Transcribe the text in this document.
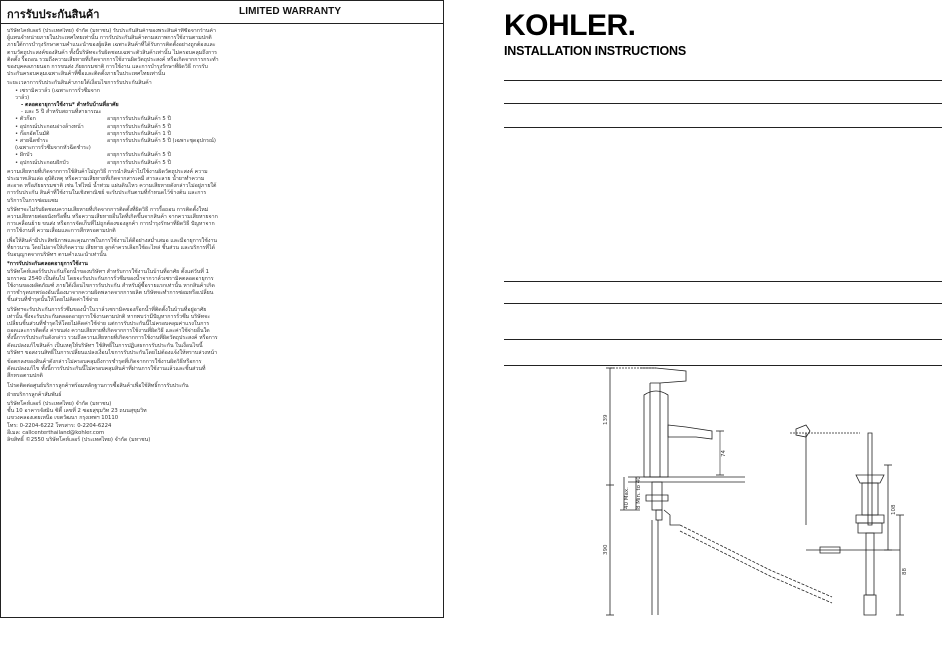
การรับประกันสินค้า	LIMITED WARRANTY

บริษัทโคห์เลอร์ (ประเทศไทย) จำกัด (มหาชน) รับประกันสินค้าของพระสินค้าที่ซื้อจากร้านค้าผู้แทนจำหน่ายภายในประเทศไทยเท่านั้น การรับประกันสินค้าตามสภาพการใช้งานตามปกติ ภายใต้การบำรุงรักษาตามคำแนะนำของผู้ผลิต เฉพาะสินค้าที่ได้รับการติดตั้งอย่างถูกต้องและตามวัตถุประสงค์ของสินค้า ทั้งนี้บริษัทจะรับผิดชอบเฉพาะตัวสินค้าเท่านั้น ไม่ครอบคลุมถึงการติดตั้ง รื้อถอน รวมถึงความเสียหายที่เกิดจากการใช้งานผิดวัตถุประสงค์ หรือเกิดจากการกระทำของบุคคลภายนอก การขนส่ง ภัยธรรมชาติ การใช้งาน และการบำรุงรักษาที่ผิดวิธี การรับประกันครอบคลุมเฉพาะสินค้าที่ซื้อและติดตั้งภายในประเทศไทยเท่านั้น

ระยะเวลาการรับประกันสินค้าภายใต้เงื่อนไขการรับประกันสินค้า

• เซรามิควาล์ว (เฉพาะการรั่วซึมจากวาล์ว)
- ตลอดอายุการใช้งาน* สำหรับบ้านที่อาศัย
- และ 5 ปี สำหรับสถานที่สาธารณะ
• ตัวก๊อก	อายุการรับประกันสินค้า 5 ปี
• อุปกรณ์ประกอบอ่างล้างหน้า	อายุการรับประกันสินค้า 5 ปี
• ก๊อกอัตโนมัติ	อายุการรับประกันสินค้า 1 ปี
• สายฉีดชำระ	อายุการรับประกันสินค้า 5 ปี (เฉพาะชุดอุปกรณ์)
(เฉพาะการรั่วซึมจากหัวฉีดชำระ)
• ฝักบัว	อายุการรับประกันสินค้า 5 ปี
• อุปกรณ์ประกอบฝักบัว	อายุการรับประกันสินค้า 5 ปี

ความเสียหายที่เกิดจากการใช้สินค้าไม่ถูกวิธี การนำสินค้าไปใช้งานผิดวัตถุประสงค์ ความประมาทเลินเล่อ อุบัติเหตุ หรือความเสียหายที่เกิดจากสารเคมี สารละลาย น้ำยาทำความสะอาด หรือภัยธรรมชาติ เช่น ไฟไหม้ น้ำท่วม แผ่นดินไหว ความเสียหายดังกล่าวไม่อยู่ภายใต้การรับประกัน สินค้าที่ใช้งานในเชิงพาณิชย์ จะรับประกันตามที่กำหนดไว้ข้างต้น และการบริการในการซ่อมแซม

บริษัทฯจะไม่รับผิดชอบความเสียหายที่เกิดจากการติดตั้งที่ผิดวิธี การรื้อถอน การติดตั้งใหม่ ความเสียหายต่อผนังหรือพื้น หรือความเสียหายอื่นใดที่เกิดขึ้นจากสินค้า จากความเสียหายจากการเคลื่อนย้าย ขนส่ง หรือการจัดเก็บที่ไม่ถูกต้องของลูกค้า การบำรุงรักษาที่ผิดวิธี ปัญหาจากการใช้งานที่ ความเสื่อมและการสึกหรอตามปกติ

เพื่อให้สินค้ามีประสิทธิภาพและคุณภาพในการใช้งานได้ดีอย่างสม่ำเสมอ และมีอายุการใช้งานที่ยาวนาน โดยไม่อาจให้เกิดความ เสียหาย ลูกค้าควรเลือกใช้อะไหล่ ชิ้นส่วน และบริการที่ได้รับอนุญาตจากบริษัทฯ ตามคำแนะนำเท่านั้น

*การรับประกันตลอดอายุการใช้งาน

บริษัทโคห์เลอร์รับประกันก๊อกน้ำของบริษัทฯ สำหรับการใช้งานในบ้านที่อาศัย ตั้งแต่วันที่ 1 มกราคม 2540 เป็นต้นไป โดยจะรับประกันการรั่วซึมของน้ำจากวาล์วเซรามิคตลอดอายุการใช้งานของผลิตภัณฑ์ ภายใต้เงื่อนไขการรับประกัน สำหรับผู้ซื้อรายแรกเท่านั้น หากสินค้าเกิดการชำรุดบกพร่องอันเนื่องมาจากความผิดพลาดจากการผลิต บริษัทจะทำการซ่อมหรือเปลี่ยนชิ้นส่วนที่ชำรุดนั้นให้โดยไม่คิดค่าใช้จ่าย

บริษัทฯจะรับประกันการรั่วซึมของน้ำในวาล์วเซรามิคของก๊อกน้ำที่ติดตั้งในบ้านที่อยู่อาศัยเท่านั้น ซึ่งจะรับประกันตลอดอายุการใช้งานตามปกติ หากพบว่ามีปัญหาการรั่วซึม บริษัทจะเปลี่ยนชิ้นส่วนที่ชำรุดให้โดยไม่คิดค่าใช้จ่าย แต่การรับประกันนี้ไม่ครอบคลุมค่าแรงในการถอดและการติดตั้ง ค่าขนส่ง ความเสียหายที่เกิดจากการใช้งานที่ผิดวิธี และค่าใช้จ่ายอื่นใด ทั้งนี้การรับประกันดังกล่าว รวมถึงความเสียหายที่เกิดจากการใช้งานที่ผิดวัตถุประสงค์ หรือการดัดแปลงแก้ไขสินค้า เป็นเหตุให้บริษัทฯ ใช้สิทธิ์ในการปฏิเสธการรับประกัน ในเงื่อนไขนี้ บริษัทฯ ขอสงวนสิทธิ์ในการเปลี่ยนแปลงเงื่อนไขการรับประกันโดยไม่ต้องแจ้งให้ทราบล่วงหน้า

ข้อตกลงของสินค้าดังกล่าวไม่ครอบคลุมถึงการชำรุดที่เกิดจากการใช้งานผิดวิธีหรือการดัดแปลงแก้ไข ทั้งนี้การรับประกันนี้ไม่ครอบคลุมสินค้าที่ผ่านการใช้งานแล้วและชิ้นส่วนที่สึกหรอตามปกติ

โปรดติดต่อศูนย์บริการลูกค้าพร้อมหลักฐานการซื้อสินค้าเพื่อใช้สิทธิ์การรับประกัน

ฝ่ายบริการลูกค้าสัมพันธ์

บริษัทโคห์เลอร์ (ประเทศไทย) จำกัด (มหาชน)
ชั้น 10 อาคารจัสมิน ซิตี้ เลขที่ 2 ซอยสุขุมวิท 23 ถนนสุขุมวิท
แขวงคลองเตยเหนือ เขตวัฒนา กรุงเทพฯ 10110
โทร: 0-2204-6222 โทรสาร: 0-2204-6224
อีเมล: callcenterthailand@kohler.com
ลิขสิทธิ์ ©2550 บริษัทโคห์เลอร์ (ประเทศไทย) จำกัด (มหาชน)
KOHLER.
INSTALLATION INSTRUCTIONS
139
74
40 Max. 8 Min. to 40
390
108
88
